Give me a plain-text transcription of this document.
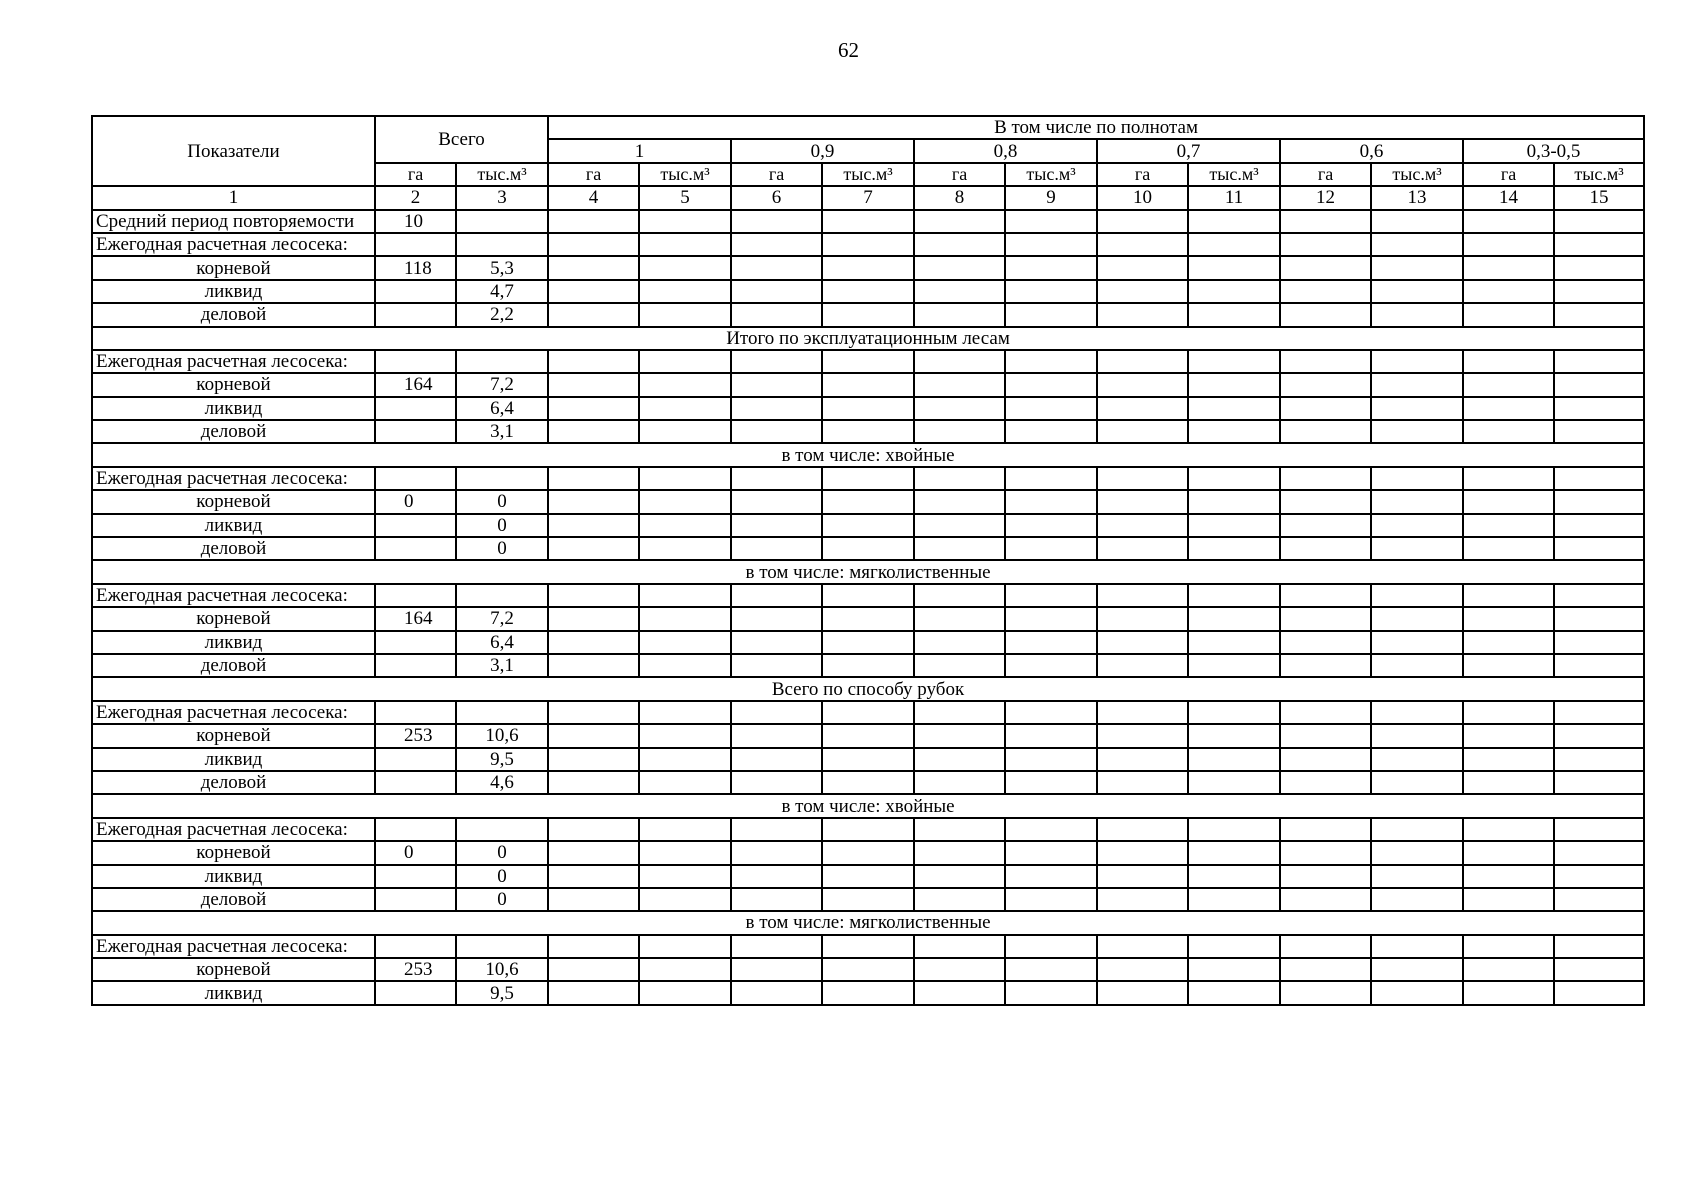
62
Показатели	Всего		В том числе по полнотам											
			1		0,9		0,8		0,7		0,6		0,3-0,5	
	га	тыс.м³	га	тыс.м³	га	тыс.м³	га	тыс.м³	га	тыс.м³	га	тыс.м³	га	тыс.м³
1	2	3	4	5	6	7	8	9	10	11	12	13	14	15
Средний период повторяемости	10													
Ежегодная расчетная лесосека:														
корневой	118	5,3												
ликвид		4,7												
деловой		2,2												
Итого по эксплуатационным лесам														
Ежегодная расчетная лесосека:														
корневой	164	7,2												
ликвид		6,4												
деловой		3,1												
в том числе: хвойные														
Ежегодная расчетная лесосека:														
корневой	0	0												
ликвид		0												
деловой		0												
в том числе: мягколиственные														
Ежегодная расчетная лесосека:														
корневой	164	7,2												
ликвид		6,4												
деловой		3,1												
Всего по способу рубок														
Ежегодная расчетная лесосека:														
корневой	253	10,6												
ликвид		9,5												
деловой		4,6												
в том числе: хвойные														
Ежегодная расчетная лесосека:														
корневой	0	0												
ликвид		0												
деловой		0												
в том числе: мягколиственные														
Ежегодная расчетная лесосека:														
корневой	253	10,6												
ликвид		9,5												
